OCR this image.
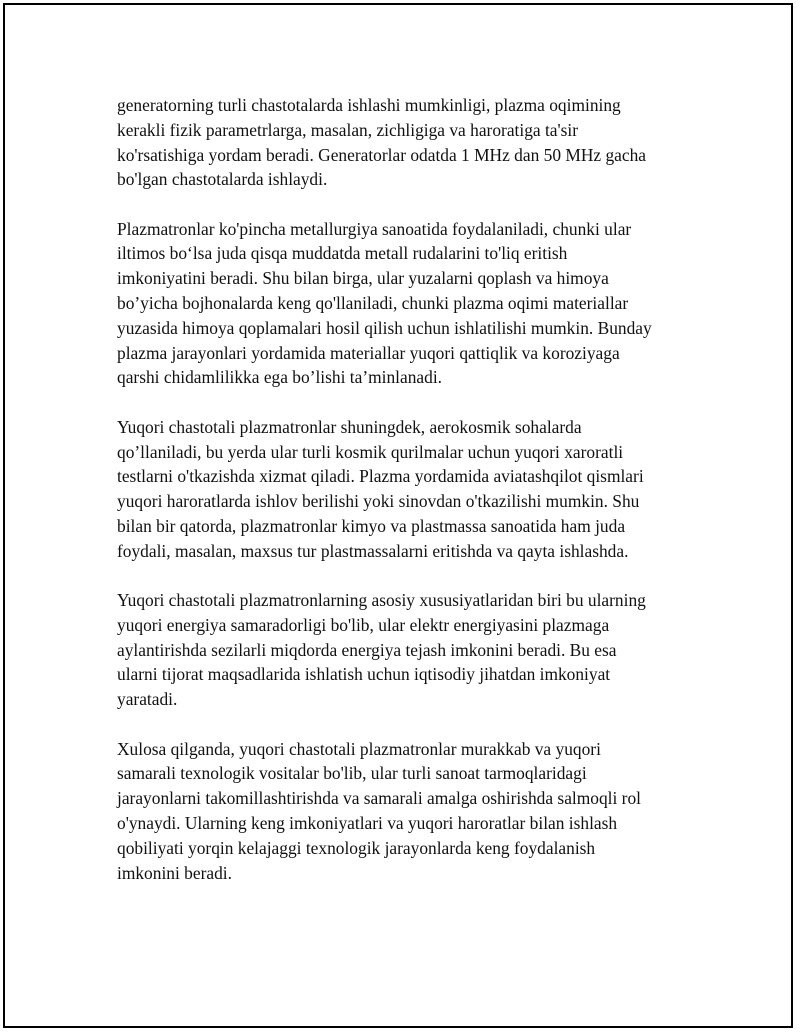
generatorning turli chastotalarda ishlashi mumkinligi, plazma oqimining
kerakli fizik parametrlarga, masalan, zichligiga va haroratiga ta'sir
ko'rsatishiga yordam beradi. Generatorlar odatda 1 MHz dan 50 MHz gacha
bo'lgan chastotalarda ishlaydi.

Plazmatronlar ko'pincha metallurgiya sanoatida foydalaniladi, chunki ular
iltimos bo‘lsa juda qisqa muddatda metall rudalarini to'liq eritish
imkoniyatini beradi. Shu bilan birga, ular yuzalarni qoplash va himoya
bo’yicha bojhonalarda keng qo'llaniladi, chunki plazma oqimi materiallar
yuzasida himoya qoplamalari hosil qilish uchun ishlatilishi mumkin. Bunday
plazma jarayonlari yordamida materiallar yuqori qattiqlik va koroziyaga
qarshi chidamlilikka ega bo’lishi ta’minlanadi.

Yuqori chastotali plazmatronlar shuningdek, aerokosmik sohalarda
qo’llaniladi, bu yerda ular turli kosmik qurilmalar uchun yuqori xaroratli
testlarni o'tkazishda xizmat qiladi. Plazma yordamida aviatashqilot qismlari
yuqori haroratlarda ishlov berilishi yoki sinovdan o'tkazilishi mumkin. Shu
bilan bir qatorda, plazmatronlar kimyo va plastmassa sanoatida ham juda
foydali, masalan, maxsus tur plastmassalarni eritishda va qayta ishlashda.

Yuqori chastotali plazmatronlarning asosiy xususiyatlaridan biri bu ularning
yuqori energiya samaradorligi bo'lib, ular elektr energiyasini plazmaga
aylantirishda sezilarli miqdorda energiya tejash imkonini beradi. Bu esa
ularni tijorat maqsadlarida ishlatish uchun iqtisodiy jihatdan imkoniyat
yaratadi.

Xulosa qilganda, yuqori chastotali plazmatronlar murakkab va yuqori
samarali texnologik vositalar bo'lib, ular turli sanoat tarmoqlaridagi
jarayonlarni takomillashtirishda va samarali amalga oshirishda salmoqli rol
o'ynaydi. Ularning keng imkoniyatlari va yuqori haroratlar bilan ishlash
qobiliyati yorqin kelajaggi texnologik jarayonlarda keng foydalanish
imkonini beradi.
